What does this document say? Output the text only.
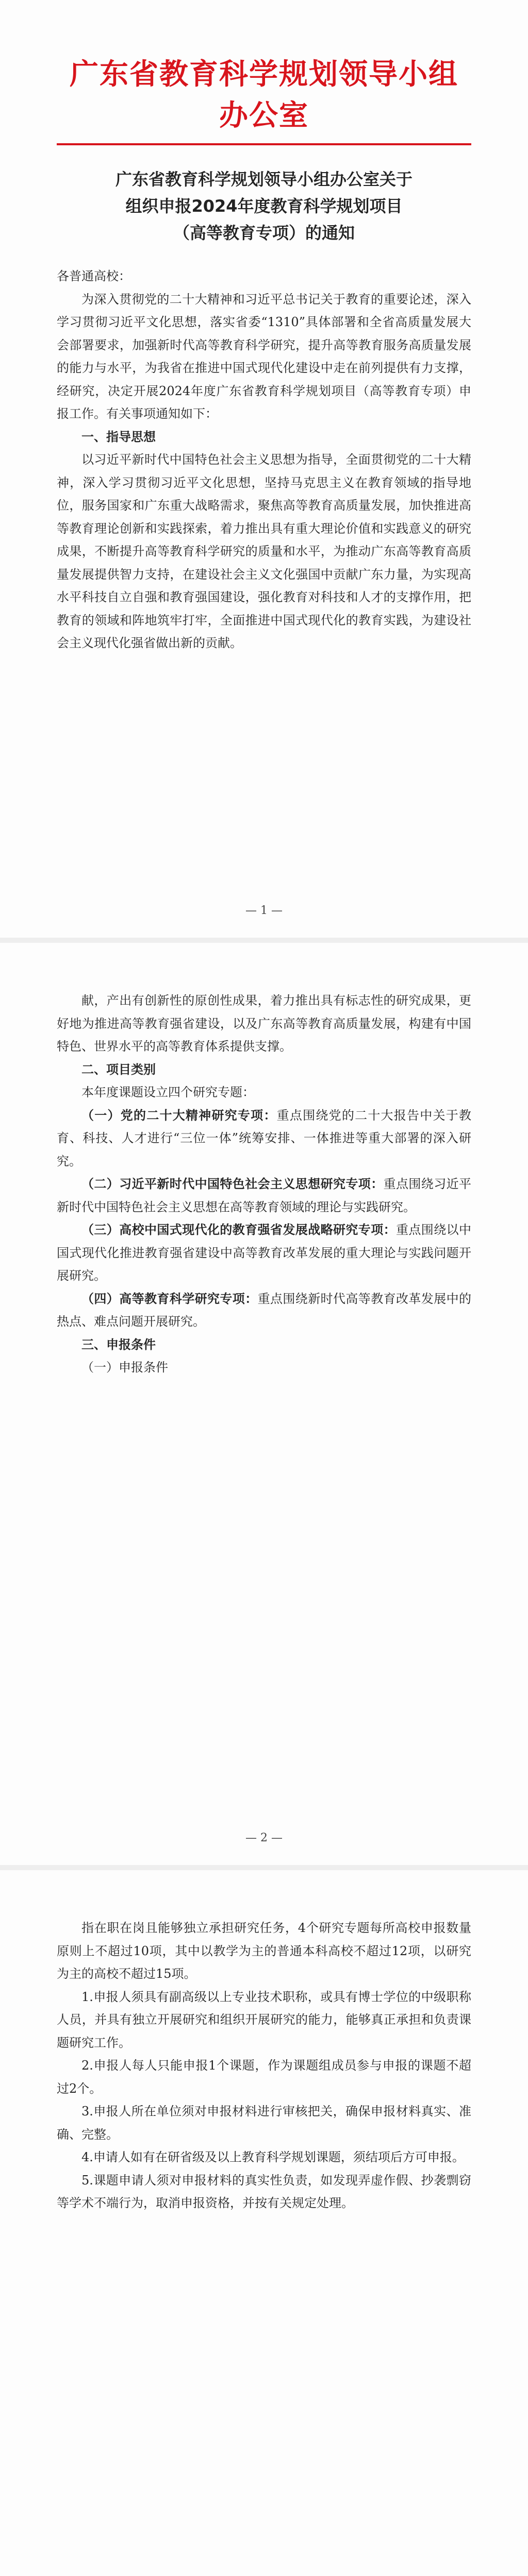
广东省教育科学规划领导小组办公室
广东省教育科学规划领导小组办公室关于
组织申报2024年度教育科学规划项目
（高等教育专项）的通知

各普通高校：

为深入贯彻党的二十大精神和习近平总书记关于教育的重要论述，深入学习贯彻习近平文化思想，落实省委“1310”具体部署和全省高质量发展大会部署要求，加强新时代高等教育科学研究，提升高等教育服务高质量发展的能力与水平，为我省在推进中国式现代化建设中走在前列提供有力支撑，经研究，决定开展2024年度广东省教育科学规划项目（高等教育专项）申报工作。有关事项通知如下：

一、指导思想

以习近平新时代中国特色社会主义思想为指导，全面贯彻党的二十大精神，深入学习贯彻习近平文化思想，坚持马克思主义在教育领域的指导地位，服务国家和广东重大战略需求，聚焦高等教育高质量发展，加快推进高等教育理论创新和实践探索，着力推出具有重大理论价值和实践意义的研究成果，不断提升高等教育科学研究的质量和水平，为推动广东高等教育高质量发展提供智力支持，在建设社会主义文化强国中贡献广东力量，为实现高水平科技自立自强和教育强国建设，强化教育对科技和人才的支撑作用，把教育的领域和阵地筑牢打牢，全面推进中国式现代化的教育实践，为建设社会主义现代化强省做出新的贡献。

— 1 —

献，产出有创新性的原创性成果，着力推出具有标志性的研究成果，更好地为推进高等教育强省建设，以及广东高等教育高质量发展，构建有中国特色、世界水平的高等教育体系提供支撑。

二、项目类别

本年度课题设立四个研究专题：

（一）党的二十大精神研究专项：重点围绕党的二十大报告中关于教育、科技、人才进行“三位一体”统筹安排、一体推进等重大部署的深入研究。

（二）习近平新时代中国特色社会主义思想研究专项：重点围绕习近平新时代中国特色社会主义思想在高等教育领域的理论与实践研究。

（三）高校中国式现代化的教育强省发展战略研究专项：重点围绕以中国式现代化推进教育强省建设中高等教育改革发展的重大理论与实践问题开展研究。

（四）高等教育科学研究专项：重点围绕新时代高等教育改革发展中的热点、难点问题开展研究。

三、申报条件

（一）申报条件

— 2 —

指在职在岗且能够独立承担研究任务，4个研究专题每所高校申报数量原则上不超过10项，其中以教学为主的普通本科高校不超过12项，以研究为主的高校不超过15项。

1.申报人须具有副高级以上专业技术职称，或具有博士学位的中级职称人员，并具有独立开展研究和组织开展研究的能力，能够真正承担和负责课题研究工作。

2.申报人每人只能申报1个课题，作为课题组成员参与申报的课题不超过2个。

3.申报人所在单位须对申报材料进行审核把关，确保申报材料真实、准确、完整。

4.申请人如有在研省级及以上教育科学规划课题，须结项后方可申报。

5.课题申请人须对申报材料的真实性负责，如发现弄虚作假、抄袭剽窃等学术不端行为，取消申报资格，并按有关规定处理。
